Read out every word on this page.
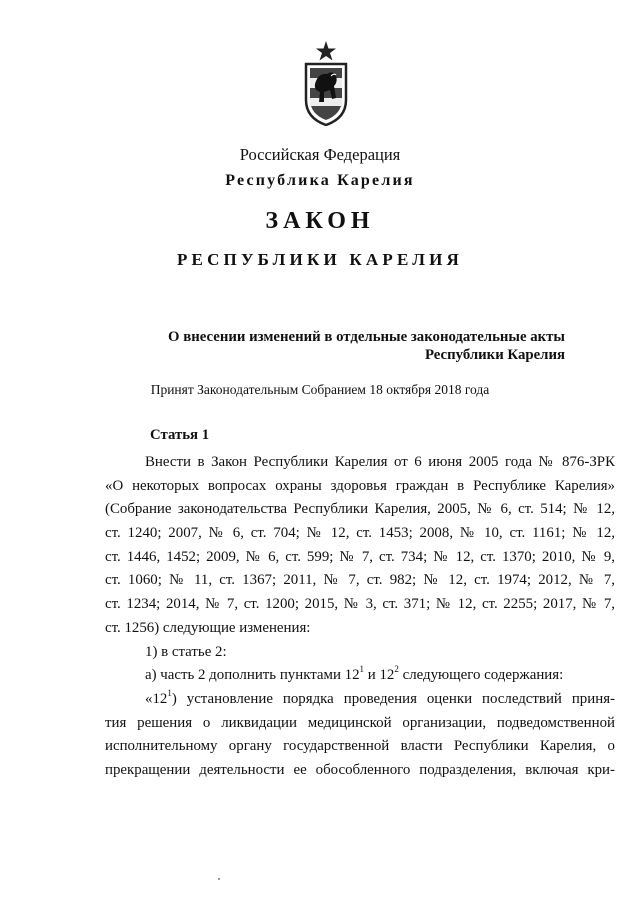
Российская Федерация
Республика Карелия
ЗАКОН
РЕСПУБЛИКИ КАРЕЛИЯ
О внесении изменений в отдельные законодательные акты
Республики Карелия
Принят Законодательным Собранием 18 октября 2018 года
Статья 1
Внести в Закон Республики Карелия от 6 июня 2005 года № 876-ЗРК
«О некоторых вопросах охраны здоровья граждан в Республике Карелия»
(Собрание законодательства Республики Карелия, 2005, № 6, ст. 514; № 12,
ст. 1240; 2007, № 6, ст. 704; № 12, ст. 1453; 2008, № 10, ст. 1161; № 12,
ст. 1446, 1452; 2009, № 6, ст. 599; № 7, ст. 734; № 12, ст. 1370; 2010, № 9,
ст. 1060; № 11, ст. 1367; 2011, № 7, ст. 982; № 12, ст. 1974; 2012, № 7,
ст. 1234; 2014, № 7, ст. 1200; 2015, № 3, ст. 371; № 12, ст. 2255; 2017, № 7,
ст. 1256) следующие изменения:
1) в статье 2:
а) часть 2 дополнить пунктами $12^1$ и $12^2$ следующего содержания:
«$12^1$) установление порядка проведения оценки последствий приня-
тия решения о ликвидации медицинской организации, подведомственной
исполнительному органу государственной власти Республики Карелия, о
прекращении деятельности ее обособленного подразделения, включая кри-
